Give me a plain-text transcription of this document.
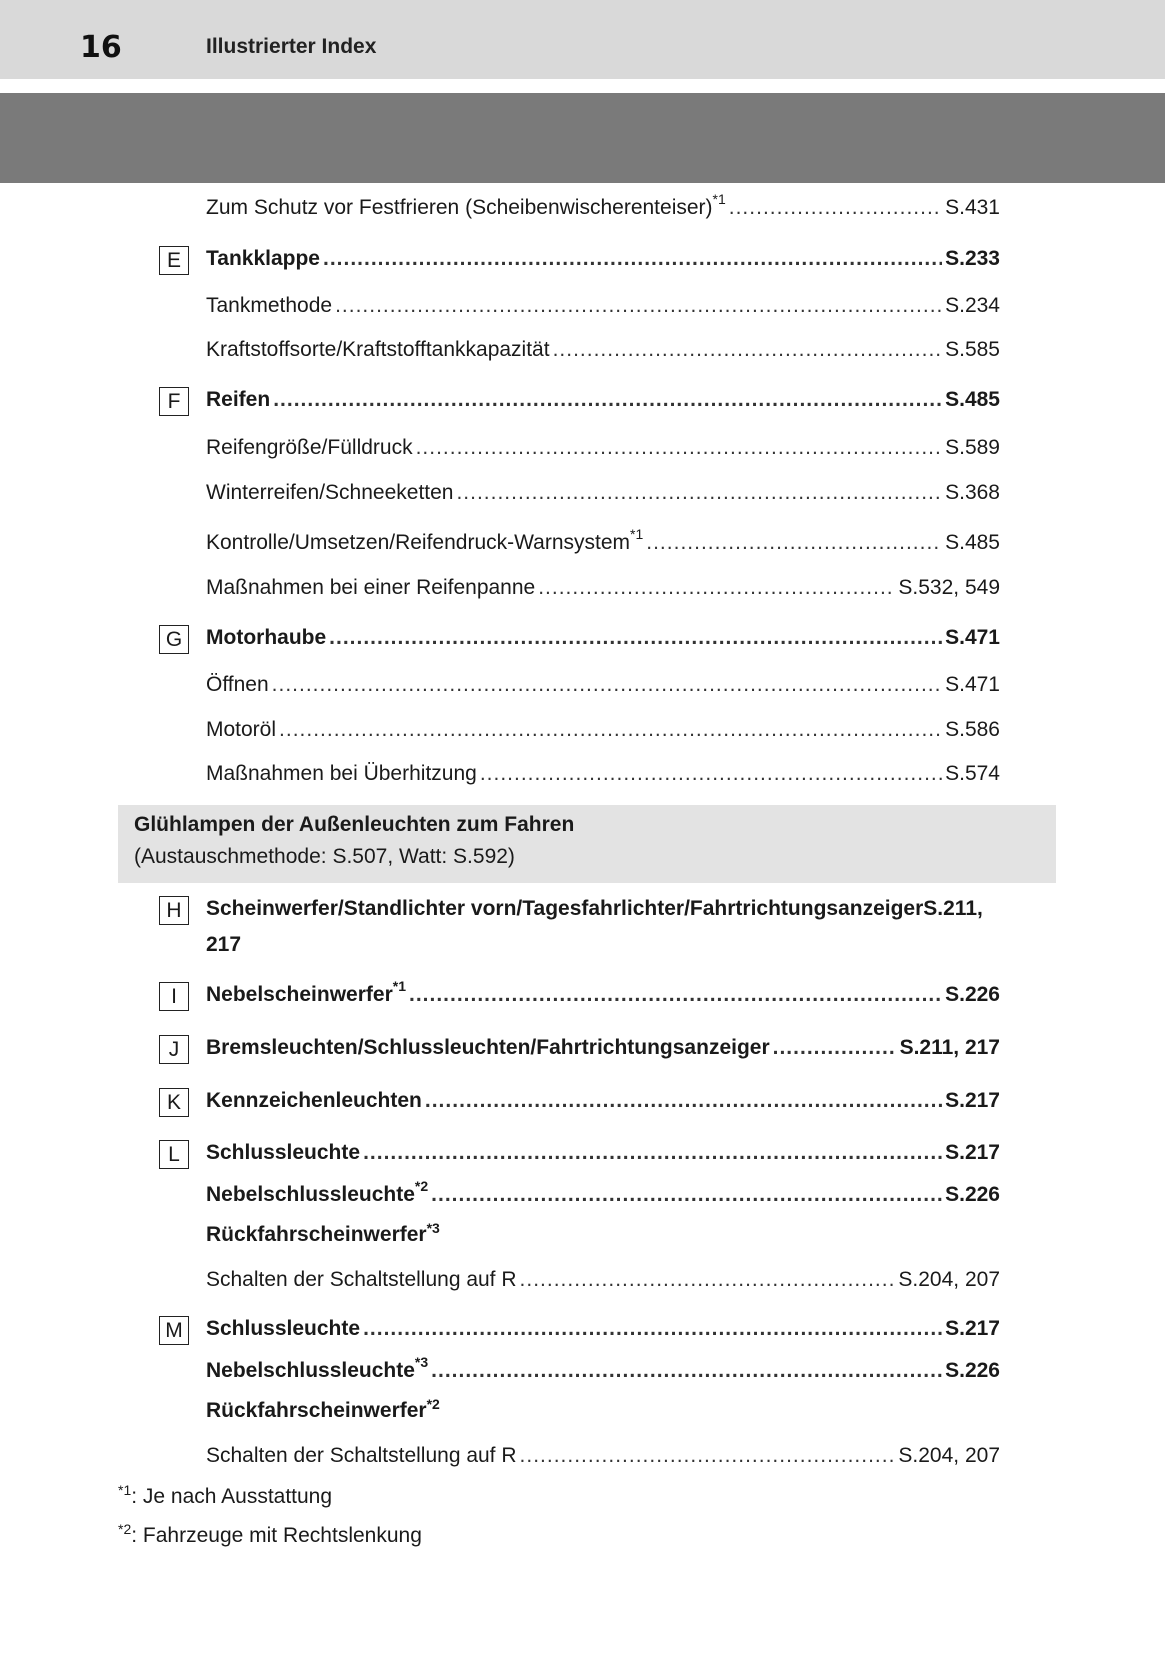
16	Illustrierter Index
Zum Schutz vor Festfrieren (Scheibenwischerenteiser)$^{*1}$ .....	S.431
E	Tankklappe .....	S.233
Tankmethode .....	S.234
Kraftstoffsorte/Kraftstofftankkapazität .....	S.585
F	Reifen .....	S.485
Reifengröße/Fülldruck .....	S.589
Winterreifen/Schneeketten .....	S.368
Kontrolle/Umsetzen/Reifendruck-Warnsystem$^{*1}$ .....	S.485
Maßnahmen bei einer Reifenpanne .....	S.532, 549
G	Motorhaube .....	S.471
Öffnen .....	S.471
Motoröl .....	S.586
Maßnahmen bei Überhitzung .....	S.574
Glühlampen der Außenleuchten zum Fahren
(Austauschmethode: S.507, Watt: S.592)
H	Scheinwerfer/Standlichter vorn/Tagesfahrlichter/FahrtrichtungsanzeigerS.211,
217
I	Nebelscheinwerfer$^{*1}$ .....	S.226
J	Bremsleuchten/Schlussleuchten/Fahrtrichtungsanzeiger .....	S.211, 217
K	Kennzeichenleuchten .....	S.217
L	Schlussleuchte .....	S.217
Nebelschlussleuchte$^{*2}$ .....	S.226
Rückfahrscheinwerfer$^{*3}$
Schalten der Schaltstellung auf R .....	S.204, 207
M Schlussleuchte .....	S.217
Nebelschlussleuchte$^{*3}$ .....	S.226
Rückfahrscheinwerfer$^{*2}$
Schalten der Schaltstellung auf R .....	S.204, 207
$^{*1}$: Je nach Ausstattung
$^{*2}$: Fahrzeuge mit Rechtslenkung
